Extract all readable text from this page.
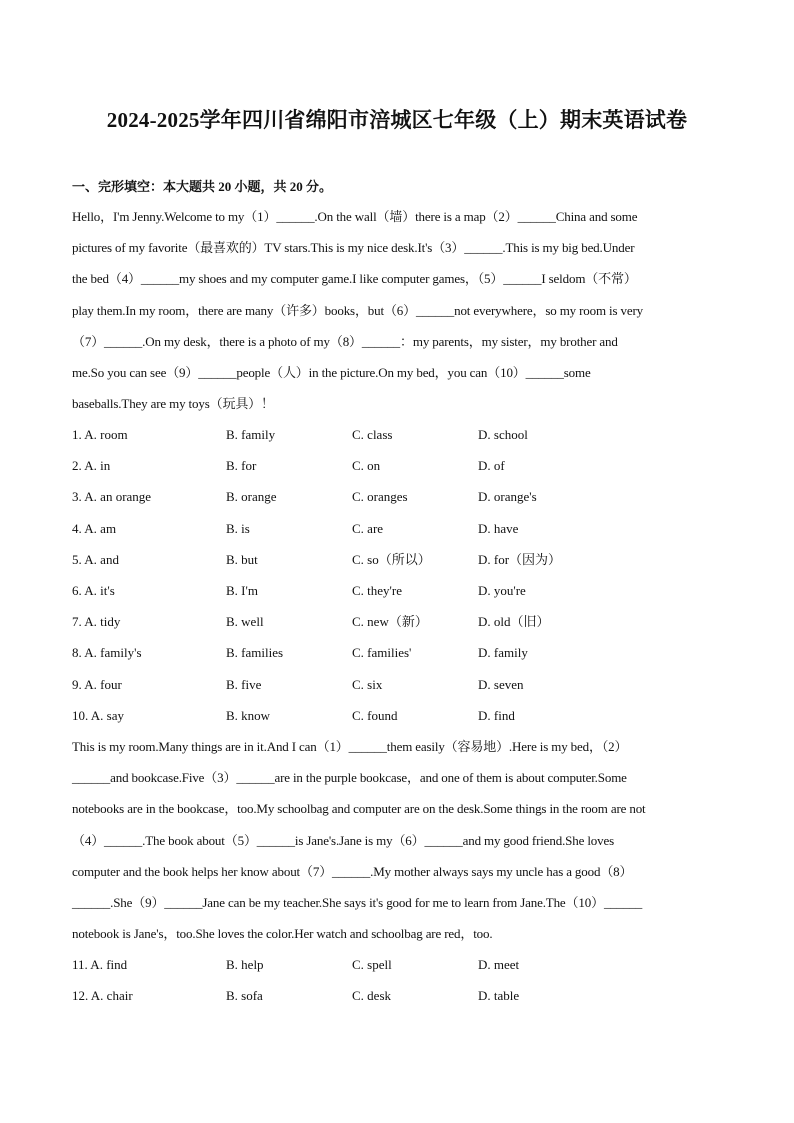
2024-2025学年四川省绵阳市涪城区七年级（上）期末英语试卷
一、完形填空：本大题共 20 小题，共 20 分。
Hello，I'm Jenny.Welcome to my（1）______.On the wall（墙）there is a map（2）______China and some
pictures of my favorite（最喜欢的）TV stars.This is my nice desk.It's（3）______.This is my big bed.Under
the bed（4）______my shoes and my computer game.I like computer games，（5）______I seldom（不常）
play them.In my room，there are many（许多）books，but（6）______not everywhere，so my room is very
（7）______.On my desk，there is a photo of my（8）______：my parents，my sister，my brother and
me.So you can see（9）______people（人）in the picture.On my bed，you can（10）______some
baseballs.They are my toys（玩具）！
1. A. room	B. family	C. class	D. school
2. A. in	B. for	C. on	D. of
3. A. an orange	B. orange	C. oranges	D. orange's
4. A. am	B. is	C. are	D. have
5. A. and	B. but	C. so（所以）	D. for（因为）
6. A. it's	B. I'm	C. they're	D. you're
7. A. tidy	B. well	C. new（新）	D. old（旧）
8. A. family's	B. families	C. families'	D. family
9. A. four	B. five	C. six	D. seven
10. A. say	B. know	C. found	D. find
This is my room.Many things are in it.And I can（1）______them easily（容易地）.Here is my bed，（2）
______and bookcase.Five（3）______are in the purple bookcase，and one of them is about computer.Some
notebooks are in the bookcase，too.My schoolbag and computer are on the desk.Some things in the room are not
（4）______.The book about（5）______is Jane's.Jane is my（6）______and my good friend.She loves
computer and the book helps her know about（7）______.My mother always says my uncle has a good（8）
______.She（9）______Jane can be my teacher.She says it's good for me to learn from Jane.The（10）______
notebook is Jane's，too.She loves the color.Her watch and schoolbag are red，too.
11. A. find	B. help	C. spell	D. meet
12. A. chair	B. sofa	C. desk	D. table
